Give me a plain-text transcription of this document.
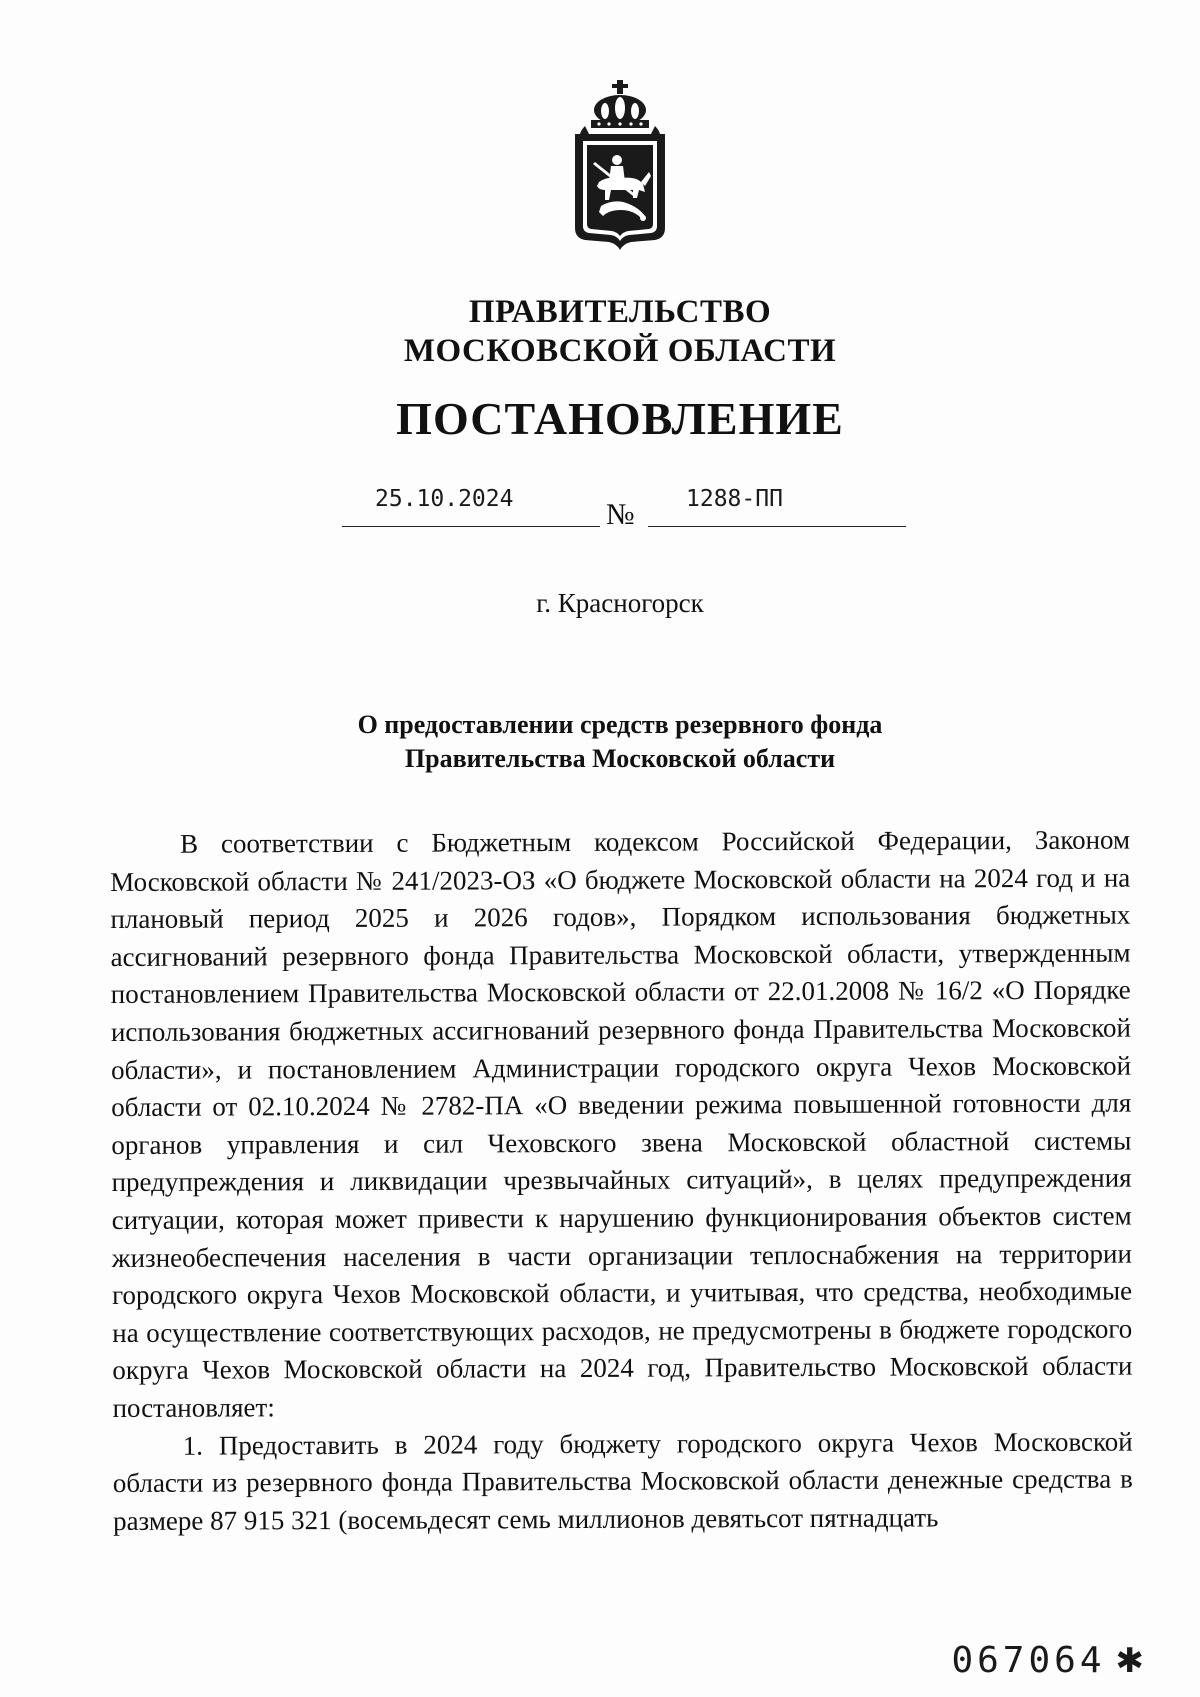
ПРАВИТЕЛЬСТВО
МОСКОВСКОЙ ОБЛАСТИ
ПОСТАНОВЛЕНИЕ
25.10.2024	№ 1288-ПП
г. Красногорск
О предоставлении средств резервного фонда
Правительства Московской области

В соответствии с Бюджетным кодексом Российской Федерации, Законом Московской области № 241/2023-ОЗ «О бюджете Московской области на 2024 год и на плановый период 2025 и 2026 годов», Порядком использования бюджетных ассигнований резервного фонда Правительства Московской области, утвержденным постановлением Правительства Московской области от 22.01.2008 № 16/2 «О Порядке использования бюджетных ассигнований резервного фонда Правительства Московской области», и постановлением Администрации городского округа Чехов Московской области от 02.10.2024 № 2782-ПА «О введении режима повышенной готовности для органов управления и сил Чеховского звена Московской областной системы предупреждения и ликвидации чрезвычайных ситуаций», в целях предупреждения ситуации, которая может привести к нарушению функционирования объектов систем жизнеобеспечения населения в части организации теплоснабжения на территории городского округа Чехов Московской области, и учитывая, что средства, необходимые на осуществление соответствующих расходов, не предусмотрены в бюджете городского округа Чехов Московской области на 2024 год, Правительство Московской области постановляет:

1. Предоставить в 2024 году бюджету городского округа Чехов Московской области из резервного фонда Правительства Московской области денежные средства в размере 87 915 321 (восемьдесят семь миллионов девятьсот пятнадцать

067064 ✱
